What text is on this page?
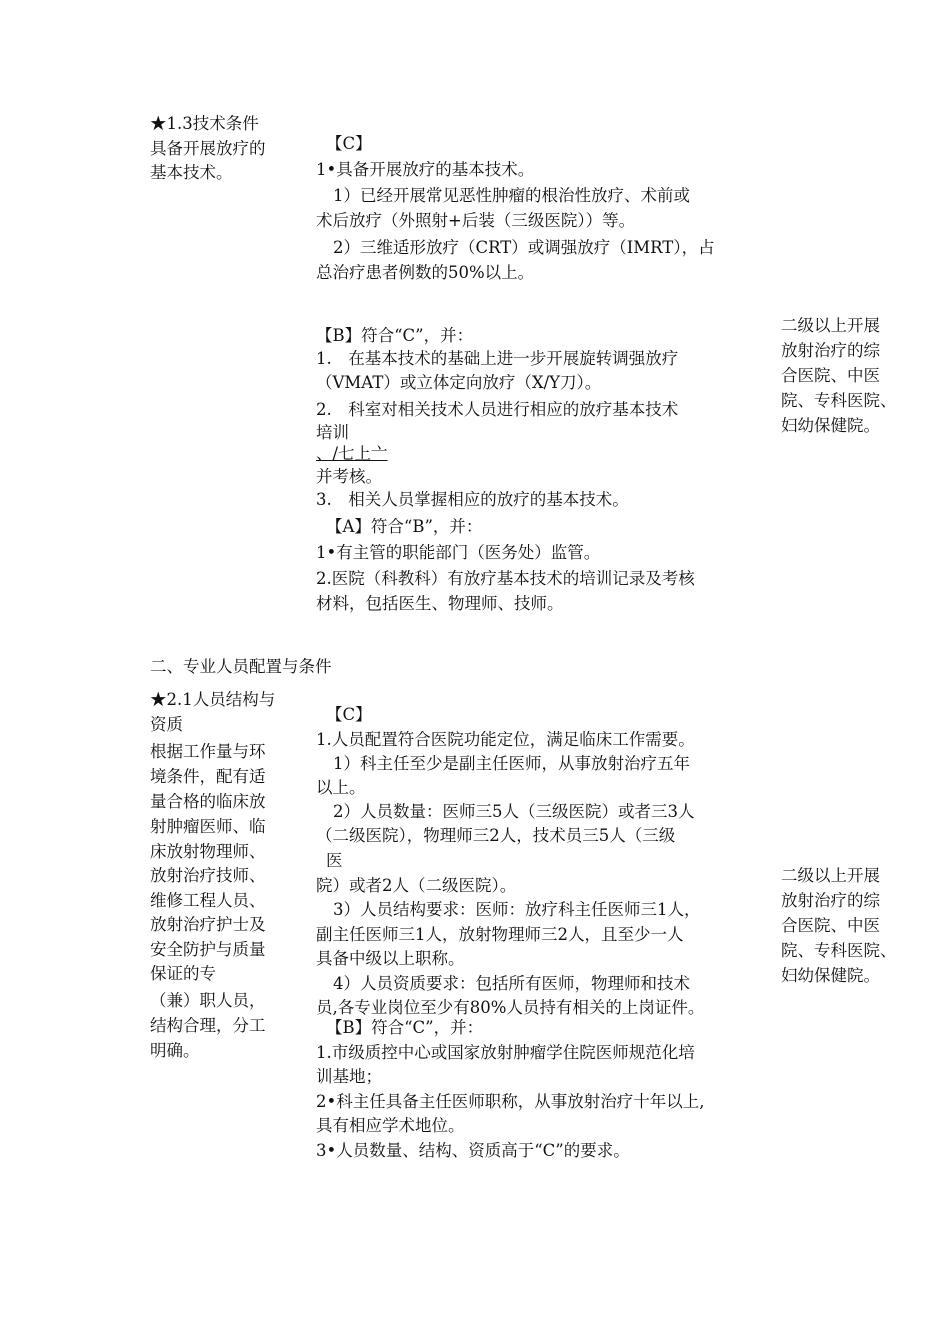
★1.3技术条件
具备开展放疗的
基本技术。
【C】
1•具备开展放疗的基本技术。
1）已经开展常见恶性肿瘤的根治性放疗、术前或
术后放疗（外照射+后装（三级医院））等。
2）三维适形放疗（CRT）或调强放疗（IMRT），占
总治疗患者例数的50%以上。
【B】符合“C”，并：
1.　在基本技术的基础上进一步开展旋转调强放疗
（VMAT）或立体定向放疗（X/Y刀）。
2.　科室对相关技术人员进行相应的放疗基本技术
培训
、/七上亠
并考核。
3.　相关人员掌握相应的放疗的基本技术。
【A】符合“B”，并：
1•有主管的职能部门（医务处）监管。
2.医院（科教科）有放疗基本技术的培训记录及考核
材料，包括医生、物理师、技师。
二级以上开展
放射治疗的综
合医院、中医
院、专科医院、
妇幼保健院。
二、专业人员配置与条件
★2.1人员结构与
资质
根据工作量与环
境条件，配有适
量合格的临床放
射肿瘤医师、临
床放射物理师、
放射治疗技师、
维修工程人员、
放射治疗护士及
安全防护与质量
保证的专
（兼）职人员，
结构合理，分工
明确。
【C】
1.人员配置符合医院功能定位，满足临床工作需要。
1）科主任至少是副主任医师，从事放射治疗五年
以上。
2）人员数量：医师三5人（三级医院）或者三3人
（二级医院），物理师三2人，技术员三5人（三级
医
院）或者2人（二级医院）。
3）人员结构要求：医师：放疗科主任医师三1人，
副主任医师三1人，放射物理师三2人，且至少一人
具备中级以上职称。
4）人员资质要求：包括所有医师，物理师和技术
员,各专业岗位至少有80%人员持有相关的上岗证件。
【B】符合“C”，并：
1.市级质控中心或国家放射肿瘤学住院医师规范化培
训基地；
2•科主任具备主任医师职称，从事放射治疗十年以上,
具有相应学术地位。
3•人员数量、结构、资质高于“C”的要求。
二级以上开展
放射治疗的综
合医院、中医
院、专科医院、
妇幼保健院。
